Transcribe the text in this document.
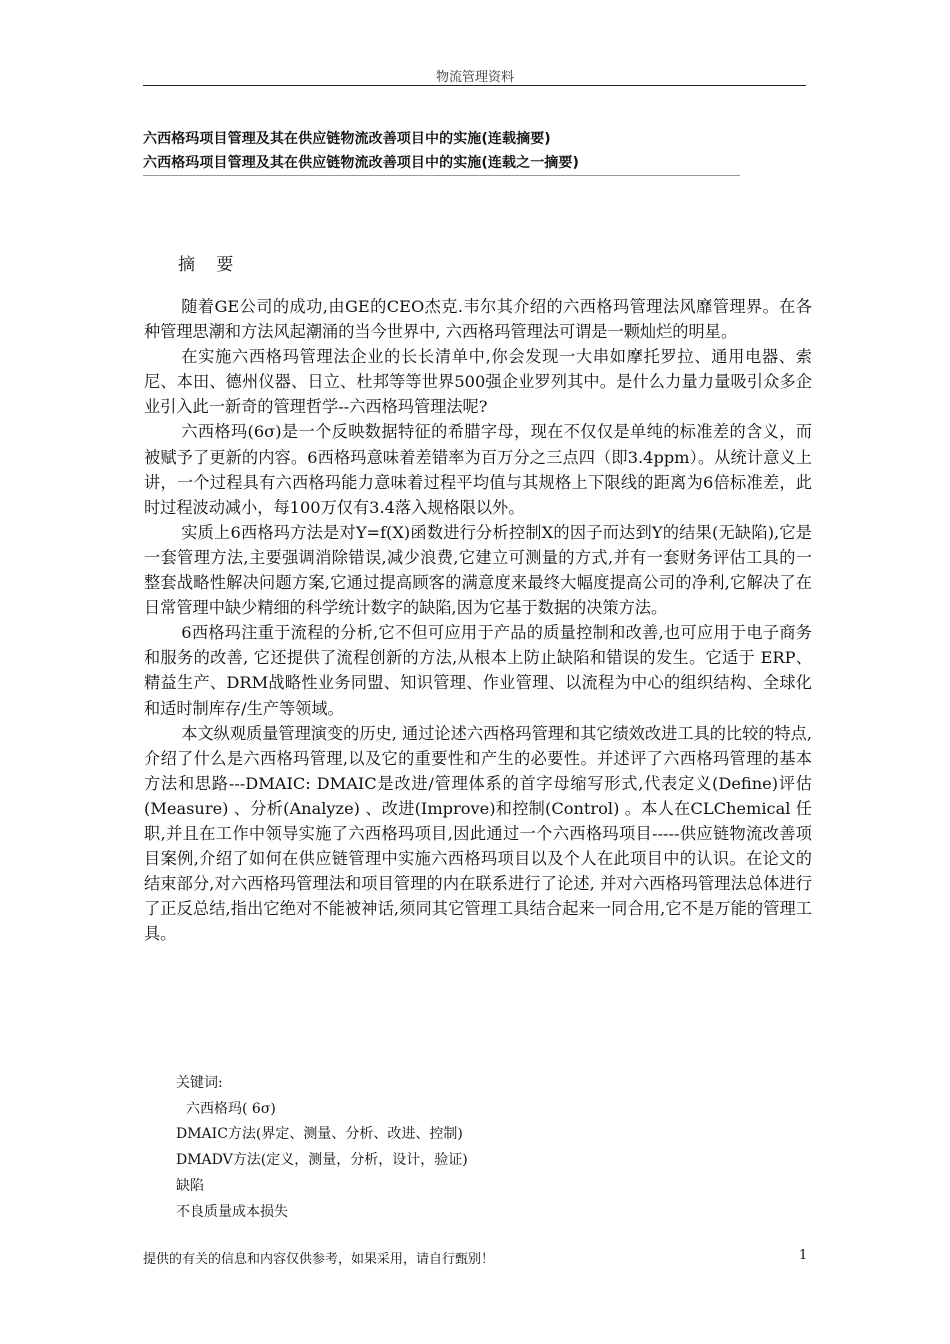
物流管理资料
六西格玛项目管理及其在供应链物流改善项目中的实施(连载摘要)
六西格玛项目管理及其在供应链物流改善项目中的实施(连载之一摘要)
摘 要

随着GE公司的成功,由GE的CEO杰克.韦尔其介绍的六西格玛管理法风靡管理界。在各种管理思潮和方法风起潮涌的当今世界中, 六西格玛管理法可谓是一颗灿烂的明星。

在实施六西格玛管理法企业的长长清单中,你会发现一大串如摩托罗拉、通用电器、索尼、本田、德州仪器、日立、杜邦等等世界500强企业罗列其中。是什么力量力量吸引众多企业引入此一新奇的管理哲学--六西格玛管理法呢?

六西格玛(6σ)是一个反映数据特征的希腊字母，现在不仅仅是单纯的标准差的含义，而被赋予了更新的内容。6西格玛意味着差错率为百万分之三点四（即3.4ppm）。从统计意义上讲，一个过程具有六西格玛能力意味着过程平均值与其规格上下限线的距离为6倍标准差，此时过程波动减小，每100万仅有3.4落入规格限以外。

实质上6西格玛方法是对Y=f(X)函数进行分析控制X的因子而达到Y的结果(无缺陷),它是一套管理方法,主要强调消除错误,减少浪费,它建立可测量的方式,并有一套财务评估工具的一整套战略性解决问题方案,它通过提高顾客的满意度来最终大幅度提高公司的净利,它解决了在日常管理中缺少精细的科学统计数字的缺陷,因为它基于数据的决策方法。

6西格玛注重于流程的分析,它不但可应用于产品的质量控制和改善,也可应用于电子商务和服务的改善, 它还提供了流程创新的方法,从根本上防止缺陷和错误的发生。它适于 ERP、精益生产、DRM战略性业务同盟、知识管理、作业管理、以流程为中心的组织结构、全球化和适时制库存/生产等领域。

本文纵观质量管理演变的历史, 通过论述六西格玛管理和其它绩效改进工具的比较的特点, 介绍了什么是六西格玛管理,以及它的重要性和产生的必要性。并述评了六西格玛管理的基本方法和思路---DMAIC: DMAIC是改进/管理体系的首字母缩写形式,代表定义(Define)评估(Measure) 、分析(Analyze) 、改进(Improve)和控制(Control) 。本人在CLChemical 任职,并且在工作中领导实施了六西格玛项目,因此通过一个六西格玛项目-----供应链物流改善项目案例,介绍了如何在供应链管理中实施六西格玛项目以及个人在此项目中的认识。在论文的结束部分,对六西格玛管理法和项目管理的内在联系进行了论述, 并对六西格玛管理法总体进行了正反总结,指出它绝对不能被神话,须同其它管理工具结合起来一同合用,它不是万能的管理工具。

关键词:
六西格玛( 6σ)
DMAIC方法(界定、测量、分析、改进、控制)
DMADV方法(定义，测量，分析，设计，验证)
缺陷
不良质量成本损失
提供的有关的信息和内容仅供参考，如果采用，请自行甄别！	1
